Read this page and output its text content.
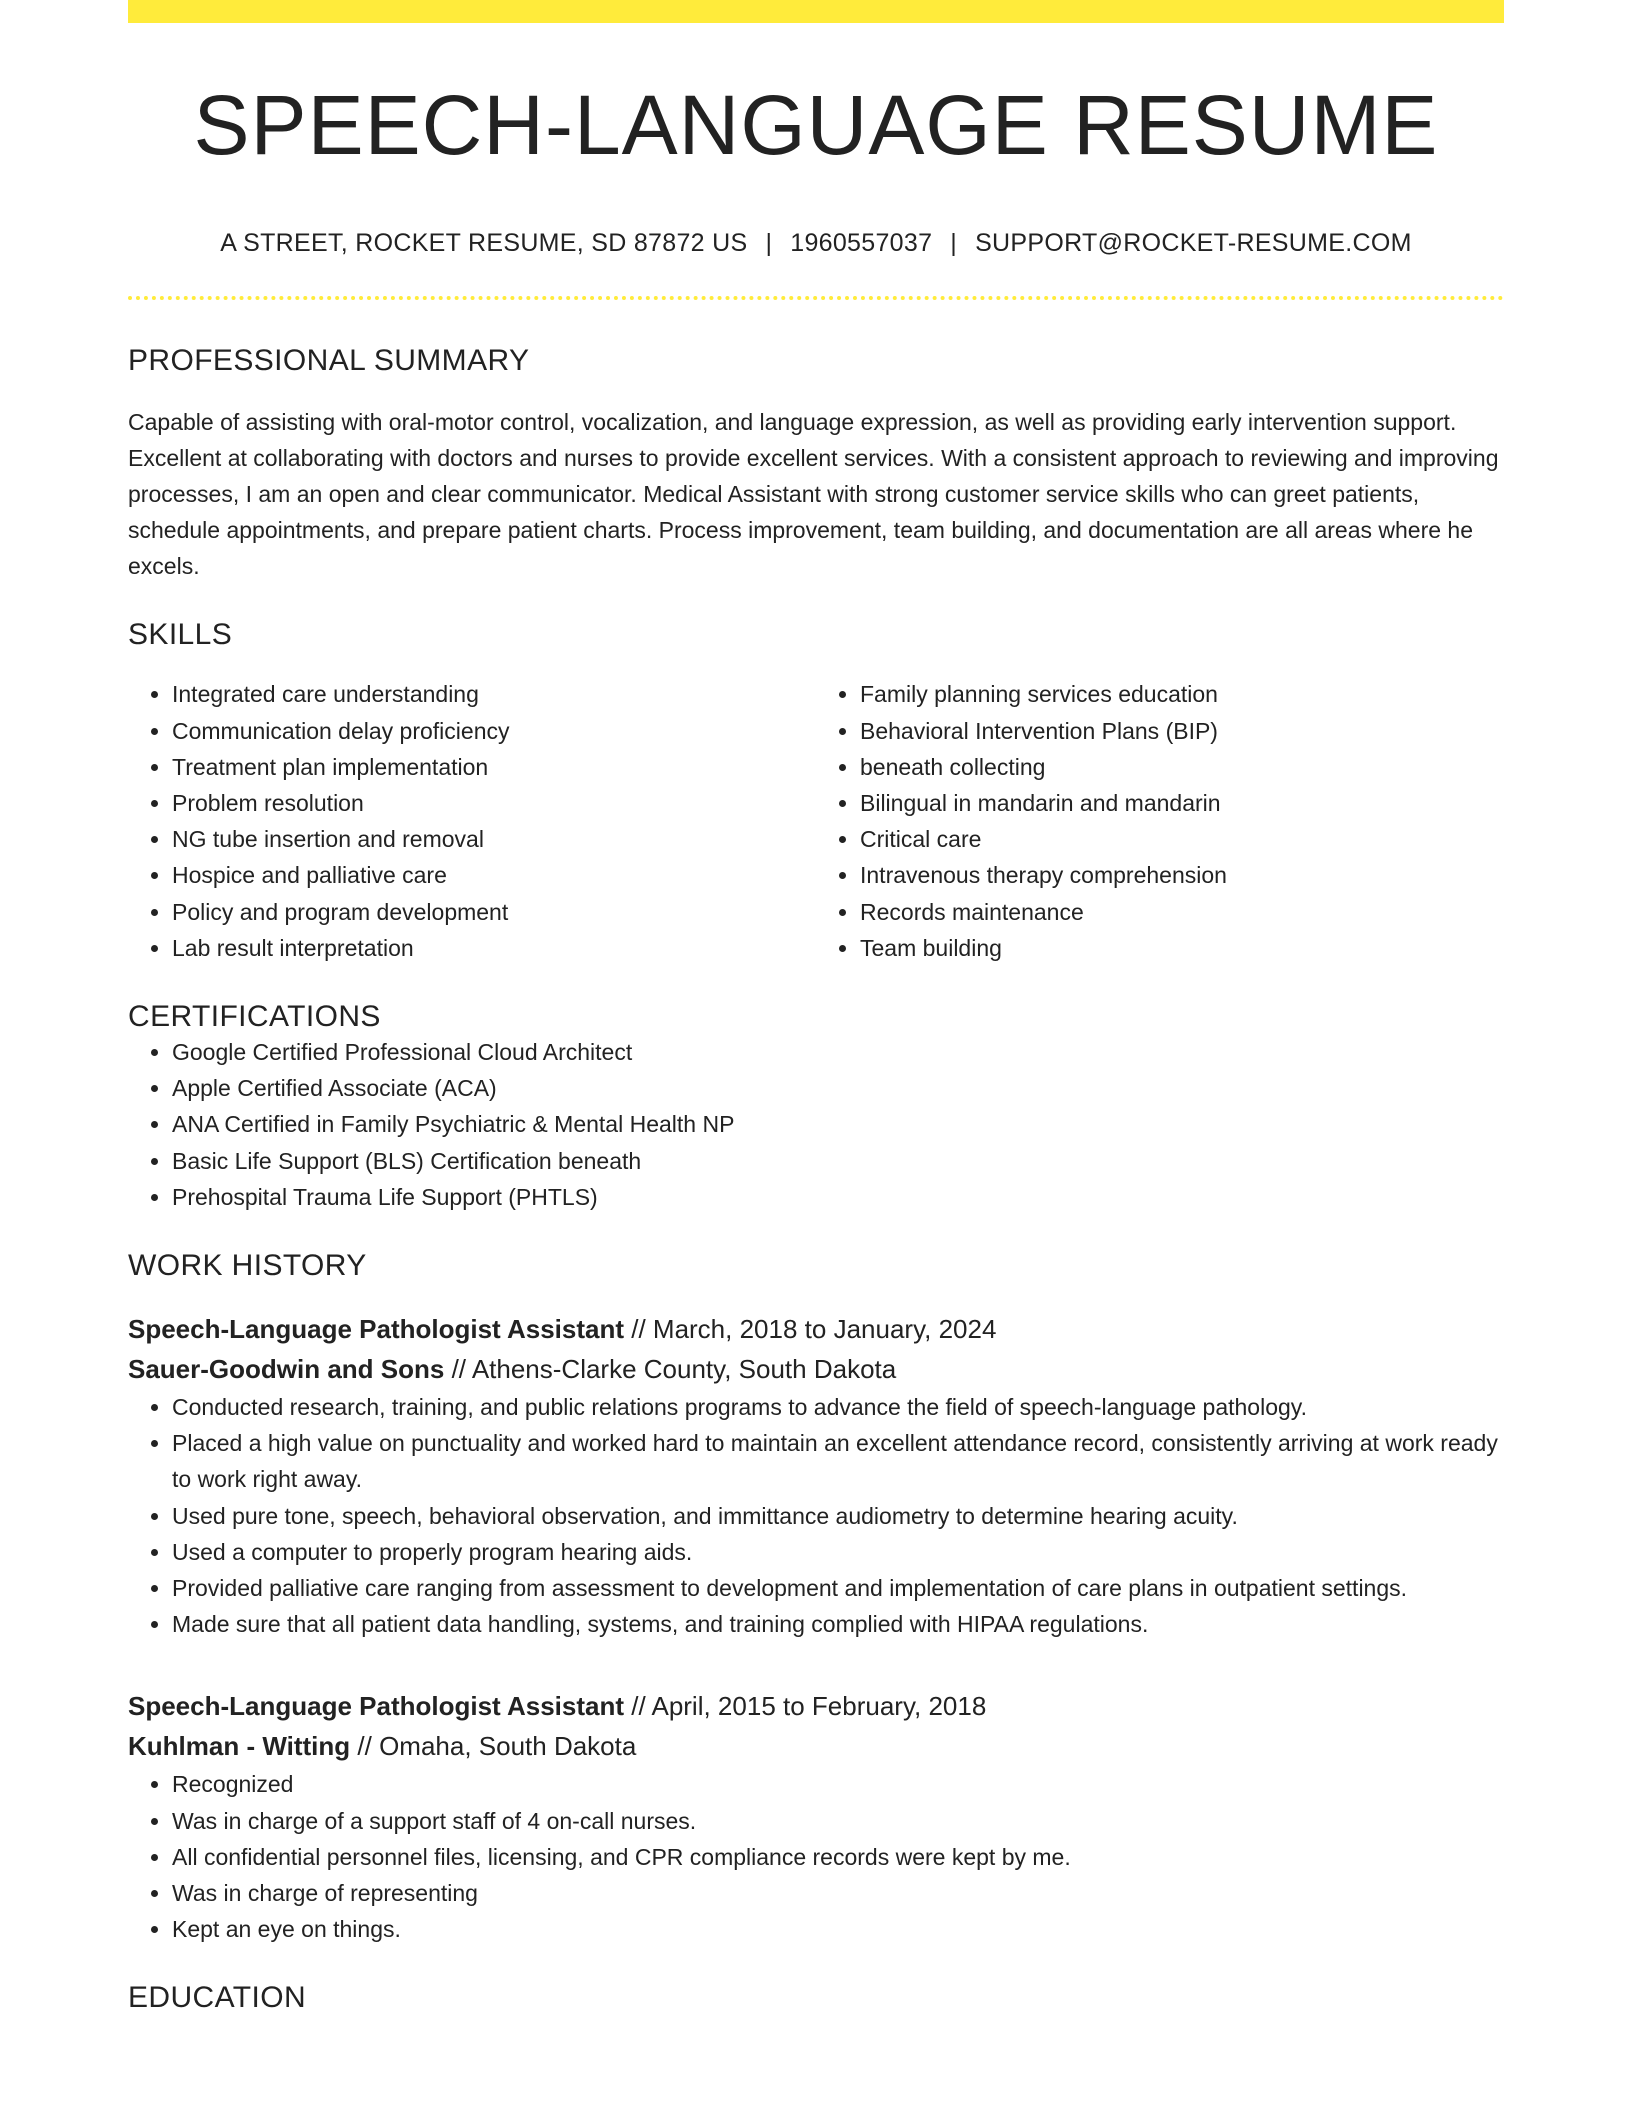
SPEECH-LANGUAGE RESUME
A STREET, ROCKET RESUME, SD 87872 US | 1960557037 | SUPPORT@ROCKET-RESUME.COM
PROFESSIONAL SUMMARY

Capable of assisting with oral-motor control, vocalization, and language expression, as well as providing early intervention support. Excellent at collaborating with doctors and nurses to provide excellent services. With a consistent approach to reviewing and improving processes, I am an open and clear communicator. Medical Assistant with strong customer service skills who can greet patients, schedule appointments, and prepare patient charts. Process improvement, team building, and documentation are all areas where he excels.

SKILLS
• Integrated care understanding
• Communication delay proficiency
• Treatment plan implementation
• Problem resolution
• NG tube insertion and removal
• Hospice and palliative care
• Policy and program development
• Lab result interpretation
• Family planning services education
• Behavioral Intervention Plans (BIP)
• beneath collecting
• Bilingual in mandarin and mandarin
• Critical care
• Intravenous therapy comprehension
• Records maintenance
• Team building
CERTIFICATIONS
• Google Certified Professional Cloud Architect
• Apple Certified Associate (ACA)
• ANA Certified in Family Psychiatric & Mental Health NP
• Basic Life Support (BLS) Certification beneath
• Prehospital Trauma Life Support (PHTLS)
WORK HISTORY
Speech-Language Pathologist Assistant // March, 2018 to January, 2024
Sauer-Goodwin and Sons // Athens-Clarke County, South Dakota
• Conducted research, training, and public relations programs to advance the field of speech-language pathology.
• Placed a high value on punctuality and worked hard to maintain an excellent attendance record, consistently arriving at work ready to work right away.
• Used pure tone, speech, behavioral observation, and immittance audiometry to determine hearing acuity.
• Used a computer to properly program hearing aids.
• Provided palliative care ranging from assessment to development and implementation of care plans in outpatient settings.
• Made sure that all patient data handling, systems, and training complied with HIPAA regulations.
Speech-Language Pathologist Assistant // April, 2015 to February, 2018
Kuhlman - Witting // Omaha, South Dakota
• Recognized
• Was in charge of a support staff of 4 on-call nurses.
• All confidential personnel files, licensing, and CPR compliance records were kept by me.
• Was in charge of representing
• Kept an eye on things.
EDUCATION
